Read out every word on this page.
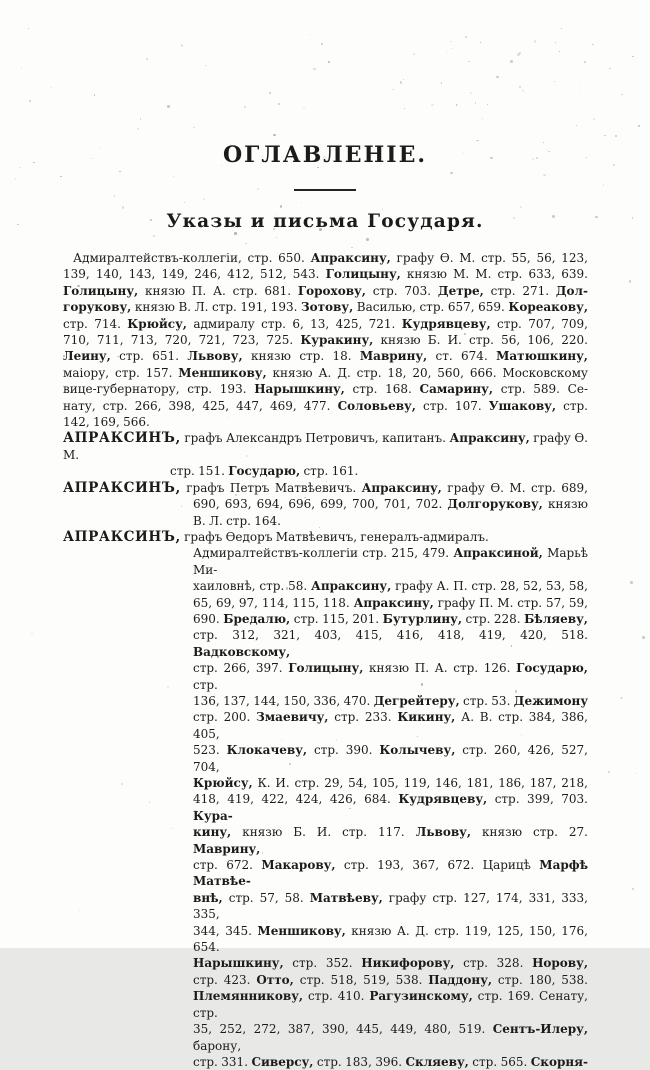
ОГЛАВЛЕНІЕ.
Указы и письма Государя.
Адмиралтействъ-коллегіи, стр. 650. Апраксину, графу Ѳ. М. стр. 55, 56, 123,
139, 140, 143, 149, 246, 412, 512, 543. Голицыну, князю М. М. стр. 633, 639.
Голицыну, князю П. А. стр. 681. Горохову, стр. 703. Детре, стр. 271. Дол-
горукову, князю В. Л. стр. 191, 193. Зотову, Василью, стр. 657, 659. Кореакову,
стр. 714. Крюйсу, адмиралу стр. 6, 13, 425, 721. Кудрявцеву, стр. 707, 709,
710, 711, 713, 720, 721, 723, 725. Куракину, князю Б. И. стр. 56, 106, 220.
Леину, стр. 651. Львову, князю стр. 18. Маврину, ст. 674. Матюшкину,
маіору, стр. 157. Меншикову, князю А. Д. стр. 18, 20, 560, 666. Московскому
вице-губернатору, стр. 193. Нарышкину, стр. 168. Самарину, стр. 589. Се-
нату, стр. 266, 398, 425, 447, 469, 477. Соловьеву, стр. 107. Ушакову, стр.
142, 169, 566.
АПРАКСИНЪ, графъ Александръ Петровичъ, капитанъ. Апраксину, графу Ѳ. М.
стр. 151. Государю, стр. 161.
АПРАКСИНЪ, графъ Петръ Матвѣевичъ. Апраксину, графу Ѳ. М. стр. 689,
690, 693, 694, 696, 699, 700, 701, 702. Долгорукову, князю
В. Л. стр. 164.
АПРАКСИНЪ, графъ Ѳедоръ Матвѣевичъ, генералъ-адмиралъ.
Адмиралтействъ-коллегіи стр. 215, 479. Апраксиной, Марьѣ Ми-
хаиловнѣ, стр. 58. Апраксину, графу А. П. стр. 28, 52, 53, 58,
65, 69, 97, 114, 115, 118. Апраксину, графу П. М. стр. 57, 59,
690. Бредалю, стр. 115, 201. Бутурлину, стр. 228. Бѣляеву,
стр. 312, 321, 403, 415, 416, 418, 419, 420, 518. Вадковскому,
стр. 266, 397. Голицыну, князю П. А. стр. 126. Государю, стр.
136, 137, 144, 150, 336, 470. Дегрейтеру, стр. 53. Дежимону
стр. 200. Змаевичу, стр. 233. Кикину, А. В. стр. 384, 386, 405,
523. Клокачеву, стр. 390. Колычеву, стр. 260, 426, 527, 704,
Крюйсу, К. И. стр. 29, 54, 105, 119, 146, 181, 186, 187, 218,
418, 419, 422, 424, 426, 684. Кудрявцеву, стр. 399, 703. Кура-
кину, князю Б. И. стр. 117. Львову, князю стр. 27. Маврину,
стр. 672. Макарову, стр. 193, 367, 672. Царицѣ Марфѣ Матвѣе-
внѣ, стр. 57, 58. Матвѣеву, графу стр. 127, 174, 331, 333, 335,
344, 345. Меншикову, князю А. Д. стр. 119, 125, 150, 176, 654.
Нарышкину, стр. 352. Никифорову, стр. 328. Норову,
стр. 423. Отто, стр. 518, 519, 538. Паддону, стр. 180, 538.
Племянникову, стр. 410. Рагузинскому, стр. 169. Сенату, стр.
35, 252, 272, 387, 390, 445, 449, 480, 519. Сентъ-Илеру, барону,
стр. 331. Сиверсу, стр. 183, 396. Скляеву, стр. 565. Скорня-
